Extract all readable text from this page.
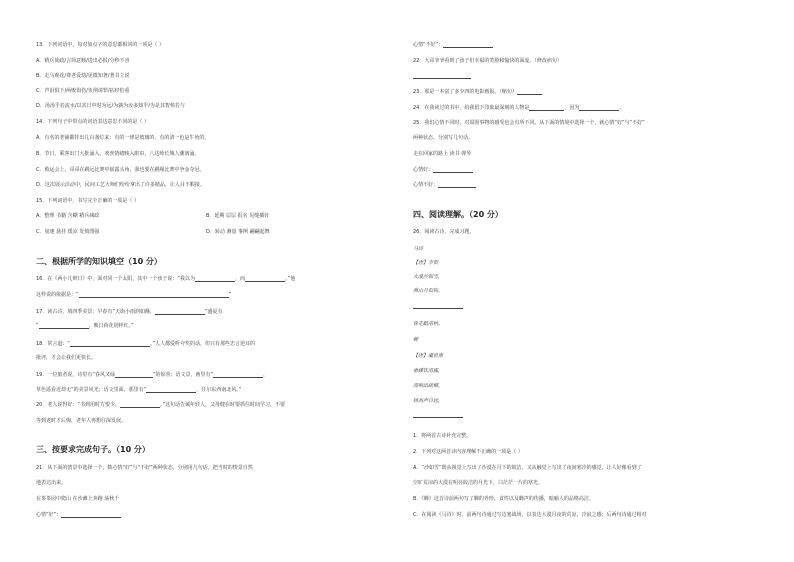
13．下列词语中，每对加点字的意思都相同的一项是（ ）
A．精兵简政/言简意赅/进出必报/分秒不容
B．走马观花/尊老爱幼/见微知著/著书立说
C．声泪俱下/两败俱伤/负荆请罪/拈轻怕重
D．汤汤乎若流水/以其日中时为远/为孰为汝多知乎/为是其智弗若与
14．下列句子中带点的词语表达意思不同的是（ ）
A．有名的老铺都挂出几百盏灯来：有的一律是玻璃的，有的清一色是牛角的。
B．节日，乘客出门大批涌入，欢喜情绪映入眼帘，八达岭长城人潮汹涌。
C．救运会上，哥哥在跳远比赛中崭露头角，我也要在跳绳比赛中争金夺冠。
D．这次展示活动中，民间工艺大师们纷纷拿出了许多精品，让人目不暇接。
15．下列词语中，书写完全正确的一项是（ ）
A．整理 书籍 含糊 精兵减政	B．延期 层层 报名 见缝插针
C．加速 悬挂 缓凉 发愤图强	D．转动 测量 事例 翩翩起舞
二、根据所学的知识填空（10 分）
16．在《两小儿辩日》中，面对同一个太阳，其中一个孩子说：“我以为	，而	。”他
这样说的依据是：“	”
17．读古诗，填四季美景：早春有“天街小雨润如酥，	”盛夏有
“	，映日荷花别样红。”
18．常言道：“	。”人人都爱听夸奖的话，但只有那些忠言逆耳的
批评，才会让我们更快长。
19．一位旅者说，诗里有“春风又绿	”的惊喜；语文景，画里有“	，
草色遥看近却无”的美景风光；语文里面，那里有“	，任尔东西南北风。”
20．老人说得好：“书到用时方恨少，	。”这句话告诫年轻人，父母健在时要抓住时间学习，不要
等到老时才后悔，老年人再想往深发展。
三、按要求完成句子。（10 分）
21．从下面的情景中选择一个，数心情“好”与“不好”两种状态，分别用几句话，把当时的情景自然
地表达出来。
在茶茶园中爬山 在沙滩上奔跑 荡秋千
心情“好”：
心情“不好”：
22．大哥爷爷看到了孩子们幸福的笑脸和愉快的面庞。（修改病句）
23．那是一本富了多少四的电影画报。（缩句）
24．在我读过的书中，给我留下印象最深刻的人物是	，因为	。
25．我们心情不同时，对周围事物的感受也会有所不同。从下面的情境中选择一个，就心情“好”与“不好”
两种状态，分别写几句话。
走在回家的路上 读书 弹琴
心情好：
心情不好：
四、阅读理解。（20 分）
26．阅读古诗，完成习题。
马诗
【唐】李贺
大漠沙如雪，
燕山月似钩。
快走踏清秋。
蝉
【唐】虞世南
垂緌饮清露，
流响出疏桐。
居高声自远，
1．将两首古诗补充完整。
2．下列对这两首诗内容理解不正确的一项是（ ）
A．“沙如雪”既从视觉上写出了沙漠在月下的皎洁，又从触觉上写出了夜间寒冷的感觉，让人好像看到了
空旷荒凉的大漠在明亮皎洁的月光下，白茫茫一片的寒光。
B．《蝉》这首诗前两句写了蝉的外形、食性以及蝉声的传播，暗喻人的品格高洁。
C．在阅读《马诗》时，前两句诗通过写边塞战场，以表达大漠月夜的荒凉，冷寂之感；后两句诗通过相对
